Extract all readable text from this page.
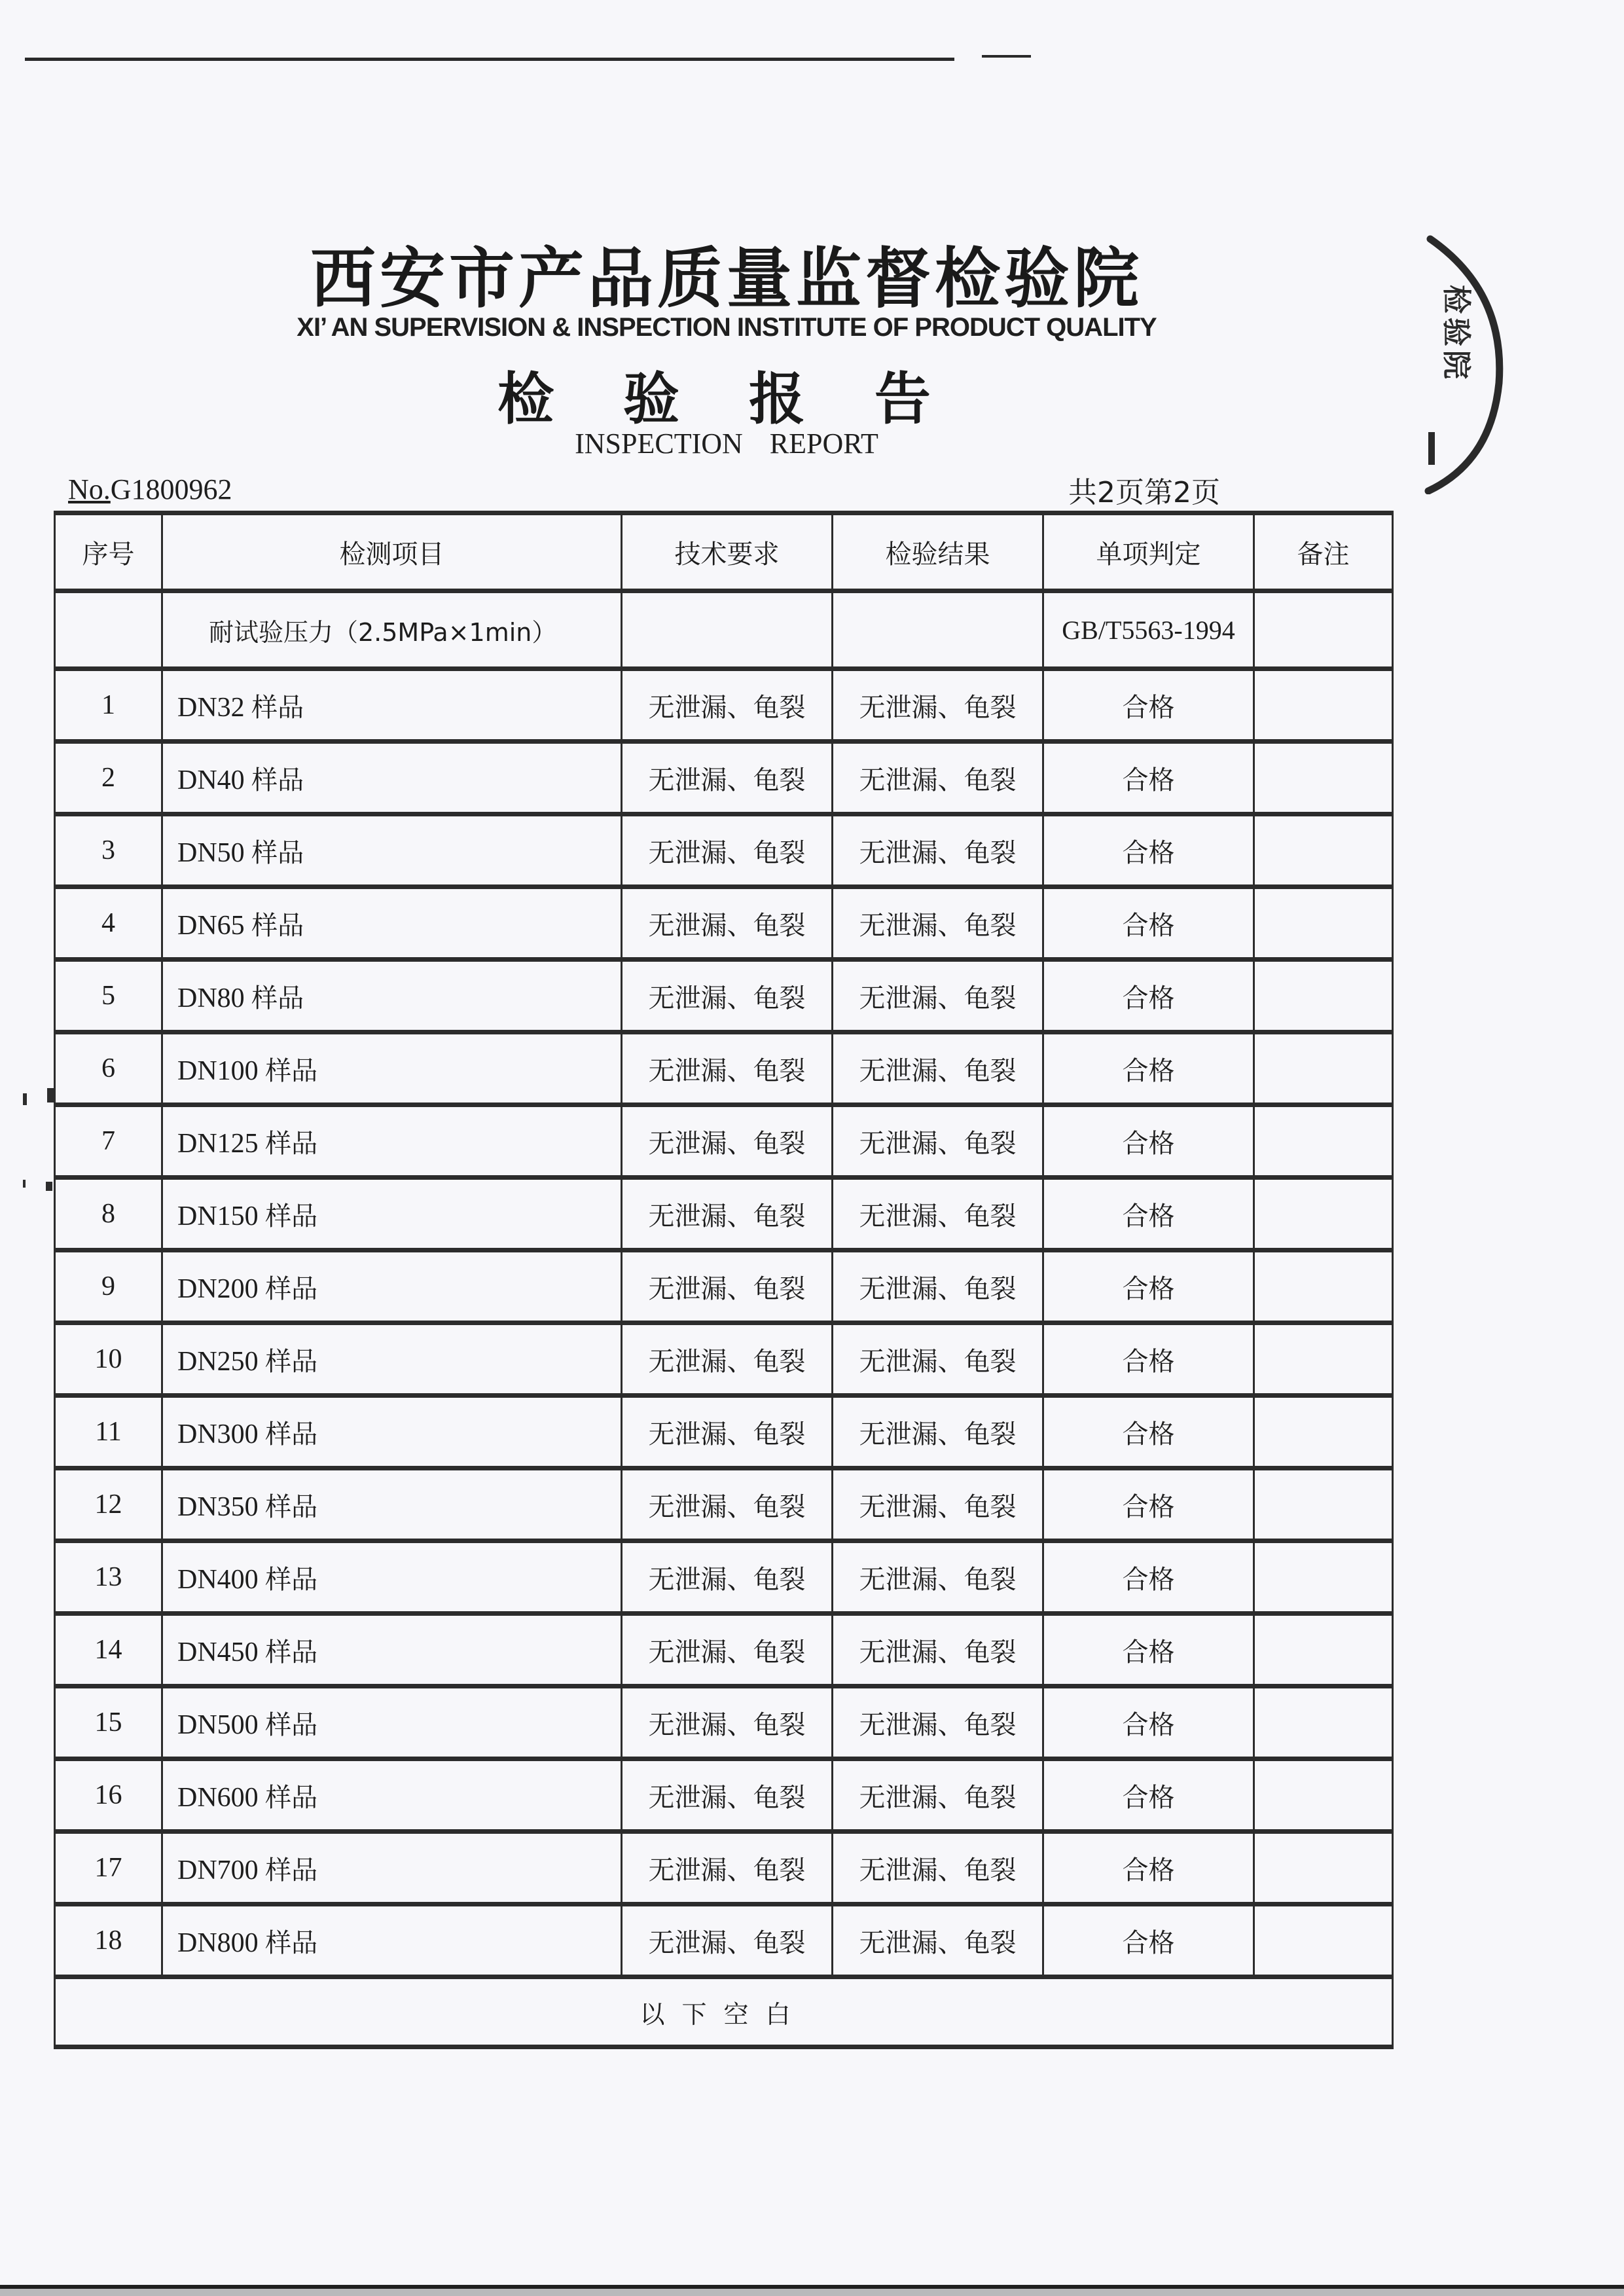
西安市产品质量监督检验院
XI’ AN SUPERVISION & INSPECTION INSTITUTE OF PRODUCT QUALITY
检 验 报 告
INSPECTION REPORT
No.G1800962	共2页第2页
检验院
序号	检测项目	技术要求	检验结果	单项判定	备注
	耐试验压力（2.5MPa×1min）			GB/T5563-1994	
1	DN32 样品	无泄漏、龟裂	无泄漏、龟裂	合格	
2	DN40 样品	无泄漏、龟裂	无泄漏、龟裂	合格	
3	DN50 样品	无泄漏、龟裂	无泄漏、龟裂	合格	
4	DN65 样品	无泄漏、龟裂	无泄漏、龟裂	合格	
5	DN80 样品	无泄漏、龟裂	无泄漏、龟裂	合格	
6	DN100 样品	无泄漏、龟裂	无泄漏、龟裂	合格	
7	DN125 样品	无泄漏、龟裂	无泄漏、龟裂	合格	
8	DN150 样品	无泄漏、龟裂	无泄漏、龟裂	合格	
9	DN200 样品	无泄漏、龟裂	无泄漏、龟裂	合格	
10	DN250 样品	无泄漏、龟裂	无泄漏、龟裂	合格	
11	DN300 样品	无泄漏、龟裂	无泄漏、龟裂	合格	
12	DN350 样品	无泄漏、龟裂	无泄漏、龟裂	合格	
13	DN400 样品	无泄漏、龟裂	无泄漏、龟裂	合格	
14	DN450 样品	无泄漏、龟裂	无泄漏、龟裂	合格	
15	DN500 样品	无泄漏、龟裂	无泄漏、龟裂	合格	
16	DN600 样品	无泄漏、龟裂	无泄漏、龟裂	合格	
17	DN700 样品	无泄漏、龟裂	无泄漏、龟裂	合格	
18	DN800 样品	无泄漏、龟裂	无泄漏、龟裂	合格	
以下空白					
